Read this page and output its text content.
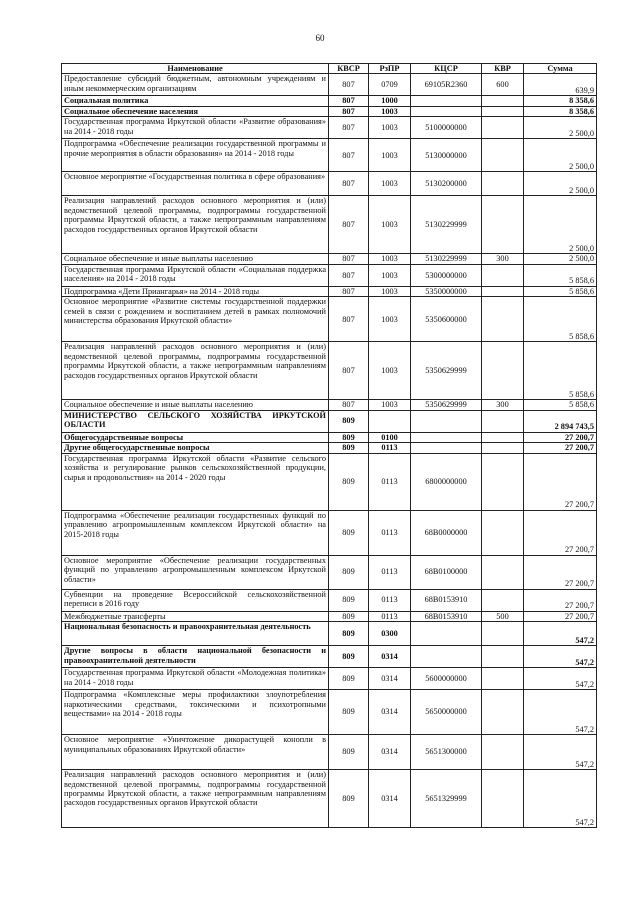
60
Наименование	КВСР	РзПР	КЦСР	КВР	Сумма
Предоставление субсидий бюджетным, автономным учреждениям и иным некоммерческим организациям	807	0709	69105R2360	600	639,9
Социальная политика	807	1000			8 358,6
Социальное обеспечение населения	807	1003			8 358,6
Государственная программа Иркутской области «Развитие образования» на 2014 - 2018 годы	807	1003	5100000000		2 500,0
Подпрограмма «Обеспечение реализации государственной программы и прочие мероприятия в области образования» на 2014 - 2018 годы	807	1003	5130000000		2 500,0
Основное мероприятие «Государственная политика в сфере образования»	807	1003	5130200000		2 500,0
Реализация направлений расходов основного мероприятия и (или) ведомственной целевой программы, подпрограммы государственной программы Иркутской области, а также непрограммным направлениям расходов государственных органов Иркутской области	807	1003	5130229999		2 500,0
Социальное обеспечение и иные выплаты населению	807	1003	5130229999	300	2 500,0
Государственная программа Иркутской области «Социальная поддержка населения» на 2014 - 2018 годы	807	1003	5300000000		5 858,6
Подпрограмма «Дети Приангарья» на 2014 - 2018 годы	807	1003	5350000000		5 858,6
Основное мероприятие «Развитие системы государственной поддержки семей в связи с рождением и воспитанием детей в рамках полномочий министерства образования Иркутской области»	807	1003	5350600000		5 858,6
Реализация направлений расходов основного мероприятия и (или) ведомственной целевой программы, подпрограммы государственной программы Иркутской области, а также непрограммным направлениям расходов государственных органов Иркутской области	807	1003	5350629999		5 858,6
Социальное обеспечение и иные выплаты населению	807	1003	5350629999	300	5 858,6
МИНИСТЕРСТВО СЕЛЬСКОГО ХОЗЯЙСТВА ИРКУТСКОЙ ОБЛАСТИ	809				2 894 743,5
Общегосударственные вопросы	809	0100			27 200,7
Другие общегосударственные вопросы	809	0113			27 200,7
Государственная программа Иркутской области «Развитие сельского хозяйства и регулирование рынков сельскохозяйственной продукции, сырья и продовольствия» на 2014 - 2020 годы	809	0113	6800000000		27 200,7
Подпрограмма «Обеспечение реализации государственных функций по управлению агропромышленным комплексом Иркутской области» на 2015-2018 годы	809	0113	68В0000000		27 200,7
Основное мероприятие «Обеспечение реализации государственных функций по управлению агропромышленным комплексом Иркутской области»	809	0113	68В0100000		27 200,7
Субвенции на проведение Всероссийской сельскохозяйственной переписи в 2016 году	809	0113	68В0153910		27 200,7
Межбюджетные трансферты	809	0113	68В0153910	500	27 200,7
Национальная безопасность и правоохранительная деятельность	809	0300			547,2
Другие вопросы в области национальной безопасности и правоохранительной деятельности	809	0314			547,2
Государственная программа Иркутской области «Молодежная политика» на 2014 - 2018 годы	809	0314	5600000000		547,2
Подпрограмма «Комплексные меры профилактики злоупотребления наркотическими средствами, токсическими и психотропными веществами» на 2014 - 2018 годы	809	0314	5650000000		547,2
Основное мероприятие «Уничтожение дикорастущей конопли в муниципальных образованиях Иркутской области»	809	0314	5651300000		547,2
Реализация направлений расходов основного мероприятия и (или) ведомственной целевой программы, подпрограммы государственной программы Иркутской области, а также непрограммным направлениям расходов государственных органов Иркутской области	809	0314	5651329999		547,2
